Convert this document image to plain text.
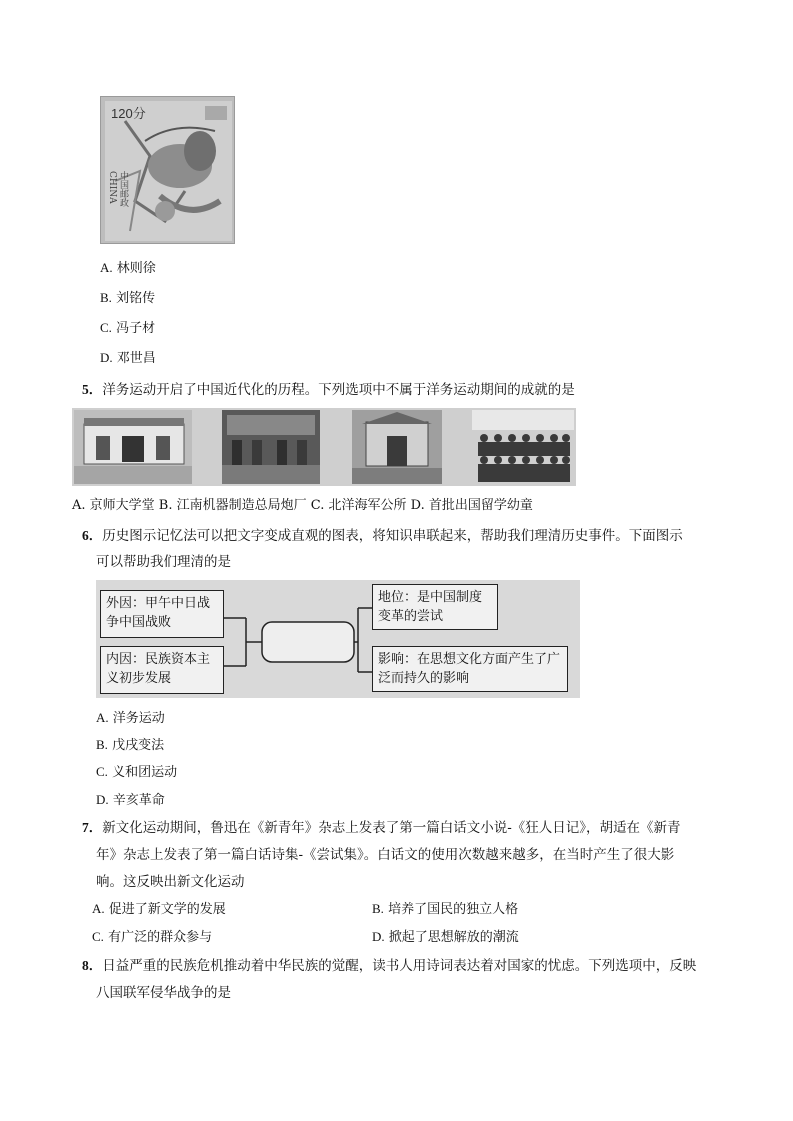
120分
中国邮政 CHINA
A. 林则徐
B. 刘铭传
C. 冯子材
D. 邓世昌
5．洋务运动开启了中国近代化的历程。下列选项中不属于洋务运动期间的成就的是
A. 京师大学堂 B. 江南机器制造总局炮厂 C. 北洋海军公所 D. 首批出国留学幼童
6．历史图示记忆法可以把文字变成直观的图表，将知识串联起来，帮助我们理清历史事件。下面图示
可以帮助我们理清的是
外因：甲午中日战争中国战败
内因：民族资本主义初步发展
地位：是中国制度变革的尝试
影响：在思想文化方面产生了广泛而持久的影响
A. 洋务运动
B. 戊戌变法
C. 义和团运动
D. 辛亥革命
7．新文化运动期间，鲁迅在《新青年》杂志上发表了第一篇白话文小说-《狂人日记》，胡适在《新青
年》杂志上发表了第一篇白话诗集-《尝试集》。白话文的使用次数越来越多，在当时产生了很大影
响。这反映出新文化运动
A. 促进了新文学的发展	B. 培养了国民的独立人格
C. 有广泛的群众参与	D. 掀起了思想解放的潮流
8．日益严重的民族危机推动着中华民族的觉醒，读书人用诗词表达着对国家的忧虑。下列选项中，反映
八国联军侵华战争的是
